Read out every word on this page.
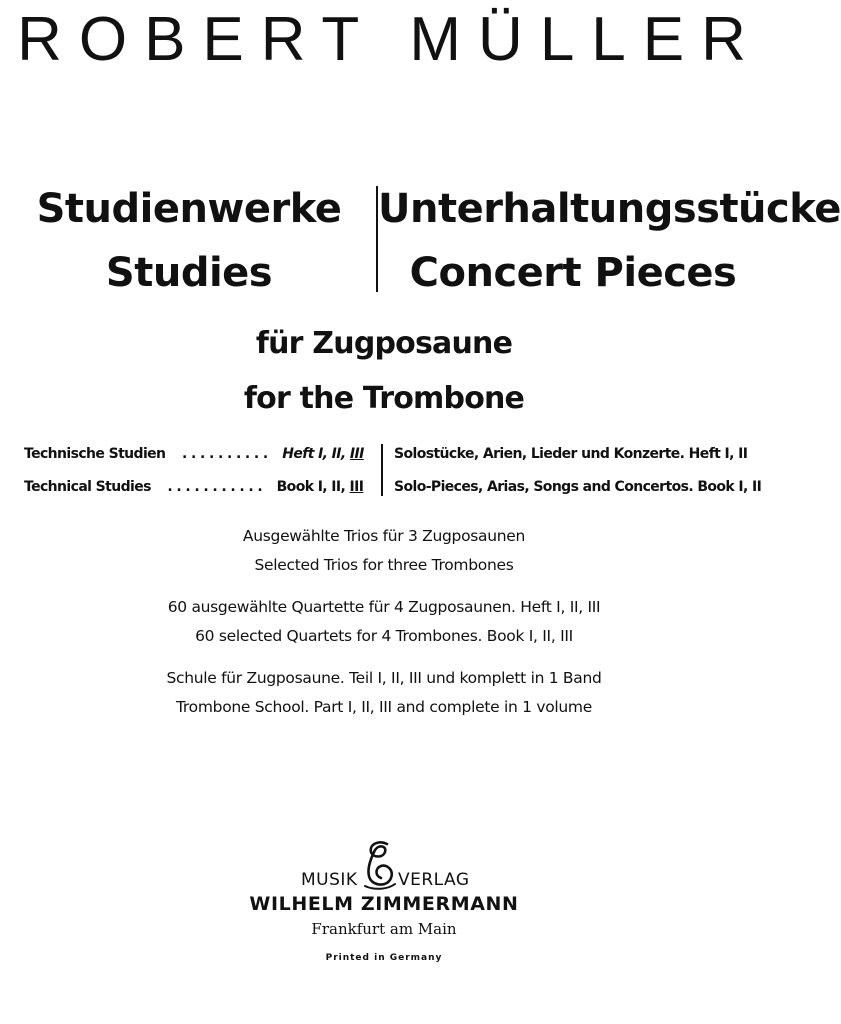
ROBERT MÜLLER
Studienwerke
Studies
Unterhaltungsstücke
Concert Pieces
für Zugposaune
for the Trombone
Technische Studien . . . . . . . . . . Heft I, II, III
Technical Studies . . . . . . . . . . . Book I, II, III
Solostücke, Arien, Lieder und Konzerte. Heft I, II
Solo-Pieces, Arias, Songs and Concertos. Book I, II
Ausgewählte Trios für 3 Zugposaunen
Selected Trios for three Trombones
60 ausgewählte Quartette für 4 Zugposaunen. Heft I, II, III
60 selected Quartets for 4 Trombones. Book I, II, III
Schule für Zugposaune. Teil I, II, III und komplett in 1 Band
Trombone School. Part I, II, III and complete in 1 volume
MUSIK VERLAG
WILHELM ZIMMERMANN
Frankfurt am Main
Printed in Germany
